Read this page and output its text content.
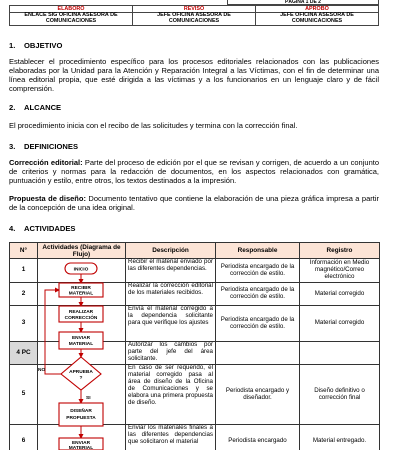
PÁGINA 1 DE 2
ELABORÓ	REVISÓ	APROBÓ
ENLACE SIG OFICINA ASESORA DE COMUNICACIONES	JEFE OFICINA ASESORA DE COMUNICACIONES	JEFE OFICINA ASESORA DE COMUNICACIONES
1. OBJETIVO
Establecer el procedimiento específico para los procesos editoriales relacionados con las publicaciones elaboradas por la Unidad para la Atención y Reparación Integral a las Víctimas, con el fin de determinar una línea editorial propia, que esté dirigida a las víctimas y a los funcionarios en un lenguaje claro y de fácil comprensión.
2. ALCANCE
El procedimiento inicia con el recibo de las solicitudes y termina con la corrección final.
3. DEFINICIONES
Corrección editorial: Parte del proceso de edición por el que se revisan y corrigen, de acuerdo a un conjunto de criterios y normas para la redacción de documentos, en los aspectos relacionados con gramática, puntuación y estilo, entre otros, los textos destinados a la impresión.
Propuesta de diseño: Documento tentativo que contiene la elaboración de una pieza gráfica impresa a partir de la concepción de una idea original.
4. ACTIVIDADES
N°	Actividades (Diagrama de Flujo)	Descripción	Responsable	Registro
1		Recibir el material enviado por las diferentes dependencias.	Periodista encargado de la corrección de estilo.	Información en Medio magnético/Correo electrónico
2		Realizar la corrección editorial de los materiales recibidos.	Periodista encargado de la corrección de estilo.	Material corregido
3		Envía el material corregido a la dependencia solicitante para que verifique los ajustes	Periodista encargado de la corrección de estilo.	Material corregido
4 PC		Autorizar los cambios por parte del jefe del área solicitante.		
5		En caso de ser requerido, el material corregido pasa al área de diseño de la Oficina de Comunicaciones y se elabora una primera propuesta de diseño.	Periodista encargado y diseñador.	Diseño definitivo o corrección final
6		Enviar los materiales finales a las diferentes dependencias que solicitaron el material	Periodista encargado	Material entregado.
INICIO
RECIBIR
MATERIAL
REALIZAR
CORRECCIÓN
ENVIAR
MATERIAL
APRUEBA
?
NO
SI
DISEÑAR
PROPUESTA
ENVIAR
MATERIAL
